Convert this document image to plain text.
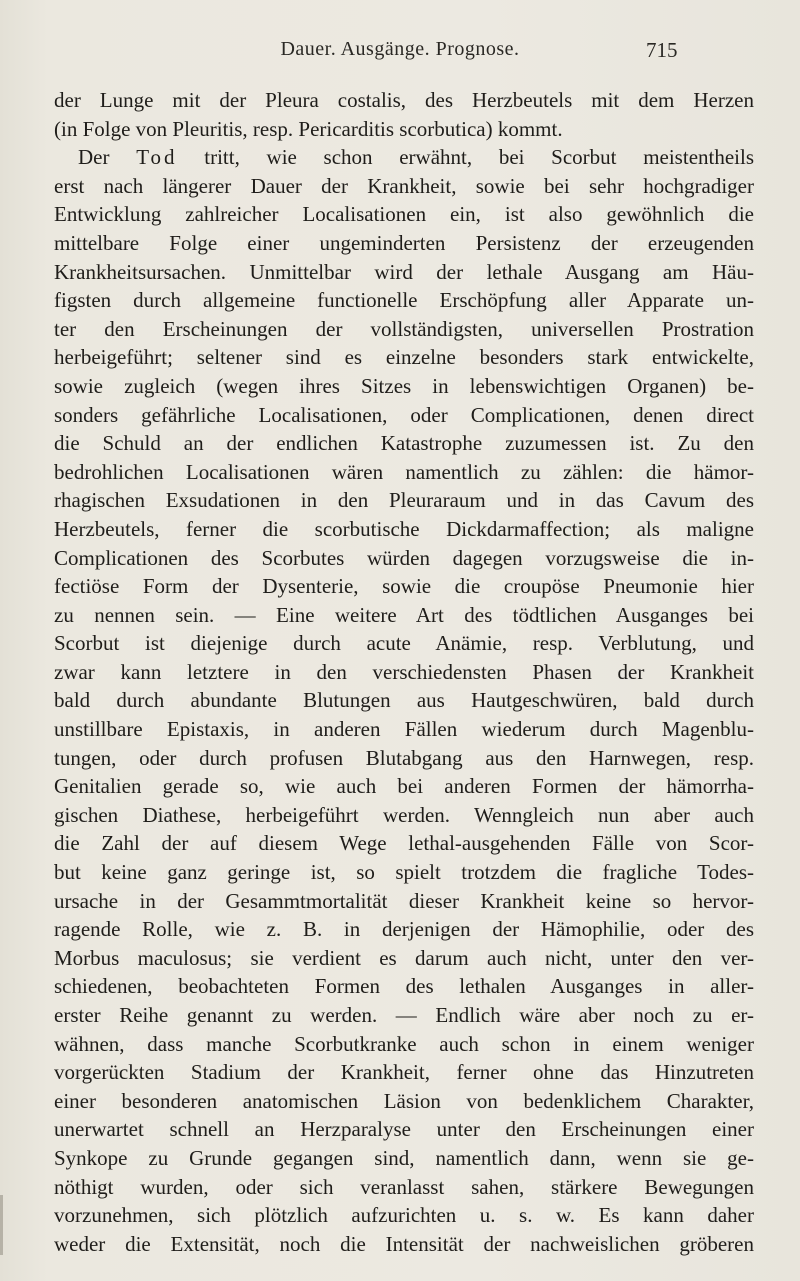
Dauer. Ausgänge. Prognose.	715
der Lunge mit der Pleura costalis, des Herzbeutels mit dem Herzen
(in Folge von Pleuritis, resp. Pericarditis scorbutica) kommt.
Der Tod tritt, wie schon erwähnt, bei Scorbut meistentheils
erst nach längerer Dauer der Krankheit, sowie bei sehr hochgradiger
Entwicklung zahlreicher Localisationen ein, ist also gewöhnlich die
mittelbare Folge einer ungeminderten Persistenz der erzeugenden
Krankheitsursachen. Unmittelbar wird der lethale Ausgang am Häu-
figsten durch allgemeine functionelle Erschöpfung aller Apparate un-
ter den Erscheinungen der vollständigsten, universellen Prostration
herbeigeführt; seltener sind es einzelne besonders stark entwickelte,
sowie zugleich (wegen ihres Sitzes in lebenswichtigen Organen) be-
sonders gefährliche Localisationen, oder Complicationen, denen direct
die Schuld an der endlichen Katastrophe zuzumessen ist. Zu den
bedrohlichen Localisationen wären namentlich zu zählen: die hämor-
rhagischen Exsudationen in den Pleuraraum und in das Cavum des
Herzbeutels, ferner die scorbutische Dickdarmaffection; als maligne
Complicationen des Scorbutes würden dagegen vorzugsweise die in-
fectiöse Form der Dysenterie, sowie die croupöse Pneumonie hier
zu nennen sein. — Eine weitere Art des tödtlichen Ausganges bei
Scorbut ist diejenige durch acute Anämie, resp. Verblutung, und
zwar kann letztere in den verschiedensten Phasen der Krankheit
bald durch abundante Blutungen aus Hautgeschwüren, bald durch
unstillbare Epistaxis, in anderen Fällen wiederum durch Magenblu-
tungen, oder durch profusen Blutabgang aus den Harnwegen, resp.
Genitalien gerade so, wie auch bei anderen Formen der hämorrha-
gischen Diathese, herbeigeführt werden. Wenngleich nun aber auch
die Zahl der auf diesem Wege lethal-ausgehenden Fälle von Scor-
but keine ganz geringe ist, so spielt trotzdem die fragliche Todes-
ursache in der Gesammtmortalität dieser Krankheit keine so hervor-
ragende Rolle, wie z. B. in derjenigen der Hämophilie, oder des
Morbus maculosus; sie verdient es darum auch nicht, unter den ver-
schiedenen, beobachteten Formen des lethalen Ausganges in aller-
erster Reihe genannt zu werden. — Endlich wäre aber noch zu er-
wähnen, dass manche Scorbutkranke auch schon in einem weniger
vorgerückten Stadium der Krankheit, ferner ohne das Hinzutreten
einer besonderen anatomischen Läsion von bedenklichem Charakter,
unerwartet schnell an Herzparalyse unter den Erscheinungen einer
Synkope zu Grunde gegangen sind, namentlich dann, wenn sie ge-
nöthigt wurden, oder sich veranlasst sahen, stärkere Bewegungen
vorzunehmen, sich plötzlich aufzurichten u. s. w. Es kann daher
weder die Extensität, noch die Intensität der nachweislichen gröberen
